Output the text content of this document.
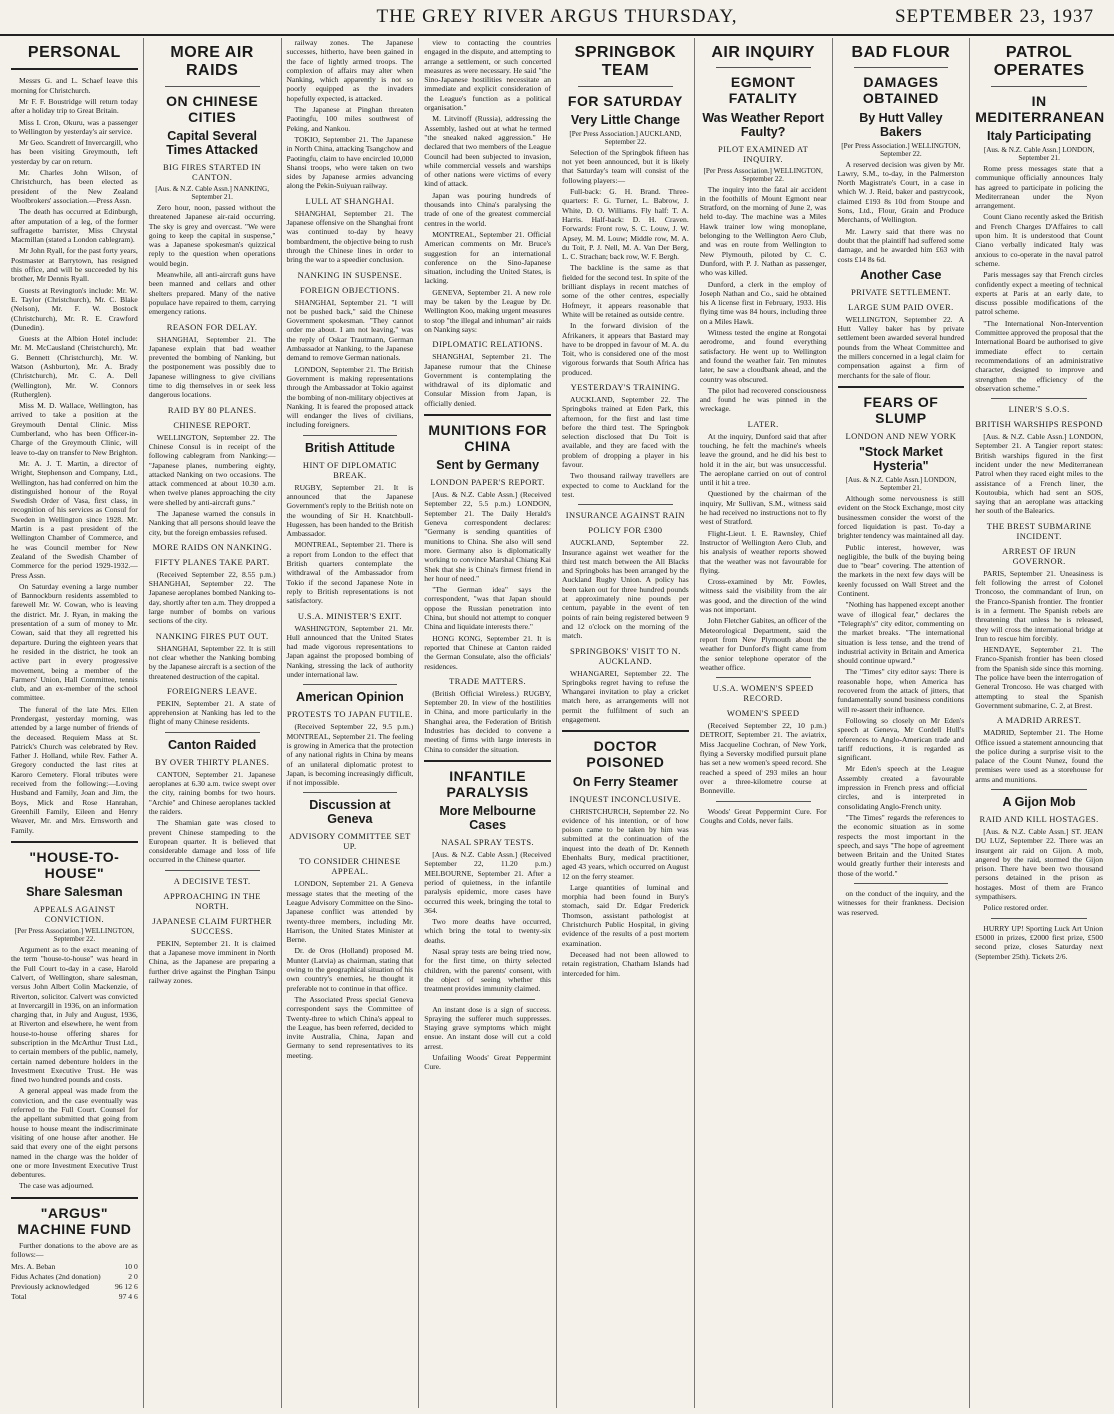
THE GREY RIVER ARGUS THURSDAY,	SEPTEMBER 23, 1937
PERSONAL

Messrs G. and L. Schaef leave this morning for Christchurch.

Mr F. F. Boustridge will return today after a holiday trip to Great Britain.

Miss I. Cron, Okuru, was a passenger to Wellington by yesterday's air service.

Mr Geo. Scandrett of Invercargill, who has been visiting Greymouth, left yesterday by car on return.

Mr. Charles John Wilson, of Christchurch, has been elected as president of the New Zealand Woolbrokers' association.—Press Assn.

The death has occurred at Edinburgh, after amputation of a leg, of the former suffragette barrister, Miss Chrystal Macmillan (stated a London cablegram).

Mr John Ryall, for the past forty years, Postmaster at Barrytown, has resigned this office, and will be succeeded by his brother, Mr Dennis Ryall.

Guests at Revington's include: Mr. W. E. Taylor (Christchurch), Mr. C. Blake (Nelson), Mr. F. W. Bostock (Christchurch), Mr. R. E. Crawford (Dunedin).

Guests at the Albion Hotel include: Mr. M. McCausland (Christchurch), Mr. G. Bennett (Christchurch), Mr. W. Watson (Ashburton), Mr. A. Brady (Christchurch), Mr. C. A. Dell (Wellington), Mr. W. Connors (Rutherglen).

Miss M. D. Wallace, Wellington, has arrived to take a position at the Greymouth Dental Clinic. Miss Cumberland, who has been Officer-in-Charge of the Greymouth Clinic, will leave to-day on transfer to New Brighton.

Mr. A. J. T. Martin, a director of Wright, Stephenson and Company, Ltd., Wellington, has had conferred on him the distinguished honour of the Royal Swedish Order of Vasa, first class, in recognition of his services as Consul for Sweden in Wellington since 1928. Mr. Martin is a past president of the Wellington Chamber of Commerce, and he was Council member for New Zealand of the Swedish Chamber of Commerce for the period 1929-1932.—Press Assn.

On Saturday evening a large number of Bannockburn residents assembled to farewell Mr. W. Cowan, who is leaving the district. Mr. J. Ryan, in making the presentation of a sum of money to Mr. Cowan, said that they all regretted his departure. During the eighteen years that he resided in the district, he took an active part in every progressive movement, being a member of the Farmers' Union, Hall Committee, tennis club, and an ex-member of the school committee.

The funeral of the late Mrs. Ellen Prendergast, yesterday morning, was attended by a large number of friends of the deceased. Requiem Mass at St. Patrick's Church was celebrated by Rev. Father J. Holland, while Rev. Father A. Gregory conducted the last rites at Karoro Cemetery. Floral tributes were received from the following:—Loving Husband and Family, Joan and Jim, the Boys, Mick and Rose Hanrahan, Greenhill Family, Eileen and Henry Weaver, Mr. and Mrs. Ernsworth and Family.

"HOUSE-TO-HOUSE"
Share Salesman
APPEALS AGAINST CONVICTION.
[Per Press Association.] WELLINGTON, September 22.

Argument as to the exact meaning of the term "house-to-house" was heard in the Full Court to-day in a case, Harold Calvert, of Wellington, share salesman, versus John Albert Colin Mackenzie, of Riverton, solicitor. Calvert was convicted at Invercargill in 1936, on an information charging that, in July and August, 1936, at Riverton and elsewhere, he went from house-to-house offering shares for subscription in the McArthur Trust Ltd., to certain members of the public, namely, certain named debenture holders in the Investment Executive Trust. He was fined two hundred pounds and costs.

A general appeal was made from the conviction, and the case eventually was referred to the Full Court. Counsel for the appellant submitted that going from house to house meant the indiscriminate visiting of one house after another. He said that every one of the eight persons named in the charge was the holder of one or more Investment Executive Trust debentures.

The case was adjourned.

"ARGUS" MACHINE FUND

Further donations to the above are as follows:—

Mrs. A. Beban	10 0
Fidus Achates (2nd donation)	2 0
Previously acknowledged	96 12 6
Total	97 4 6
MORE AIR RAIDS
ON CHINESE CITIES
Capital Several Times Attacked
BIG FIRES STARTED IN CANTON.
[Aus. & N.Z. Cable Assn.] NANKING, September 21.

Zero hour, noon, passed without the threatened Japanese air-raid occurring. The sky is grey and overcast. "We were going to keep the capital in suspense," was a Japanese spokesman's quizzical reply to the question when operations would begin.

Meanwhile, all anti-aircraft guns have been manned and cellars and other shelters prepared. Many of the native populace have repaired to them, carrying emergency rations.

REASON FOR DELAY.

SHANGHAI, September 21. The Japanese explain that bad weather prevented the bombing of Nanking, but the postponement was possibly due to Japanese willingness to give civilians time to dig themselves in or seek less dangerous locations.

RAID BY 80 PLANES.
CHINESE REPORT.

WELLINGTON, September 22. The Chinese Consul is in receipt of the following cablegram from Nanking:— "Japanese planes, numbering eighty, attacked Nanking on two occasions. The attack commenced at about 10.30 a.m. when twelve planes approaching the city were shelled by anti-aircraft guns."

The Japanese warned the consuls in Nanking that all persons should leave the city, but the foreign embassies refused.

MORE RAIDS ON NANKING.
FIFTY PLANES TAKE PART.

(Received September 22, 8.55 p.m.) SHANGHAI, September 22. The Japanese aeroplanes bombed Nanking to-day, shortly after ten a.m. They dropped a large number of bombs on various sections of the city.

NANKING FIRES PUT OUT.

SHANGHAI, September 22. It is still not clear whether the Nanking bombing by the Japanese aircraft is a section of the threatened destruction of the capital.

FOREIGNERS LEAVE.

PEKIN, September 21. A state of apprehension at Nanking has led to the flight of many Chinese residents.

Canton Raided
BY OVER THIRTY PLANES.

CANTON, September 21. Japanese aeroplanes at 6.30 a.m. twice swept over the city, raining bombs for two hours. "Archie" and Chinese aeroplanes tackled the raiders.

The Shamian gate was closed to prevent Chinese stampeding to the European quarter. It is believed that considerable damage and loss of life occurred in the Chinese quarter.

A DECISIVE TEST.
APPROACHING IN THE NORTH.
JAPANESE CLAIM FURTHER SUCCESS.

PEKIN, September 21. It is claimed that a Japanese move imminent in North China, as the Japanese are preparing a further drive against the Pinghan Tsinpu railway zones.

railway zones. The Japanese successes, hitherto, have been gained in the face of lightly armed troops. The complexion of affairs may alter when Nanking, which apparently is not so poorly equipped as the invaders hopefully expected, is attacked.

The Japanese at Pinghan threaten Paotingfu, 100 miles southwest of Peking, and Nankou.

TOKIO, September 21. The Japanese in North China, attacking Tsangchow and Paotingfu, claim to have encircled 10,000 Shansi troops, who were taken on two sides by Japanese armies advancing along the Pekin-Suiyuan railway.

LULL AT SHANGHAI.

SHANGHAI, September 21. The Japanese offensive on the Shanghai front was continued to-day by heavy bombardment, the objective being to rush through the Chinese lines in order to bring the war to a speedier conclusion.

NANKING IN SUSPENSE.
FOREIGN OBJECTIONS.

SHANGHAI, September 21. "I will not be pushed back," said the Chinese Government spokesman. "They cannot order me about. I am not leaving," was the reply of Oskar Trautmann, German Ambassador at Nanking, to the Japanese demand to remove German nationals.

LONDON, September 21. The British Government is making representations through the Ambassador at Tokio against the bombing of non-military objectives at Nanking. It is feared the proposed attack will endanger the lives of civilians, including foreigners.

British Attitude
HINT OF DIPLOMATIC BREAK.

RUGBY, September 21. It is announced that the Japanese Government's reply to the British note on the wounding of Sir H. Knatchbull-Hugessen, has been handed to the British Ambassador.

MONTREAL, September 21. There is a report from London to the effect that British quarters contemplate the withdrawal of the Ambassador from Tokio if the second Japanese Note in reply to British representations is not satisfactory.

U.S.A. MINISTER'S EXIT.

WASHINGTON, September 21. Mr. Hull announced that the United States had made vigorous representations to Japan against the proposed bombing of Nanking, stressing the lack of authority under international law.

American Opinion
PROTESTS TO JAPAN FUTILE.

(Received September 22, 9.5 p.m.) MONTREAL, September 21. The feeling is growing in America that the protection of any national rights in China by means of an unilateral diplomatic protest to Japan, is becoming increasingly difficult, if not impossible.

Discussion at Geneva
ADVISORY COMMITTEE SET UP.
TO CONSIDER CHINESE APPEAL.

LONDON, September 21. A Geneva message states that the meeting of the League Advisory Committee on the Sino-Japanese conflict was attended by twenty-three members, including Mr. Harrison, the United States Minister at Berne.

Dr. de Oros (Holland) proposed M. Munter (Latvia) as chairman, stating that owing to the geographical situation of his own country's enemies, he thought it preferable not to continue in that office.

The Associated Press special Geneva correspondent says the Committee of Twenty-three to which China's appeal to the League, has been referred, decided to invite Australia, China, Japan and Germany to send representatives to its meeting.

view to contacting the countries engaged in the dispute, and attempting to arrange a settlement, or such concerted measures as were necessary. He said "the Sino-Japanese hostilities necessitate an immediate and explicit consideration of the League's function as a political organisation."

M. Litvinoff (Russia), addressing the Assembly, lashed out at what he termed "the sneaked naked aggression." He declared that two members of the League Council had been subjected to invasion, while commercial vessels and warships of other nations were victims of every kind of attack.

Japan was pouring hundreds of thousands into China's paralysing the trade of one of the greatest commercial centres in the world.

MONTREAL, September 21. Official American comments on Mr. Bruce's suggestion for an international conference on the Sino-Japanese situation, including the United States, is lacking.

GENEVA, September 21. A new role may be taken by the League by Dr. Wellington Koo, making urgent measures to stop "the illegal and inhuman" air raids on Nanking says:

DIPLOMATIC RELATIONS.

SHANGHAI, September 21. The Japanese rumour that the Chinese Government is contemplating the withdrawal of its diplomatic and Consular Mission from Japan, is officially denied.

MUNITIONS FOR CHINA
Sent by Germany
LONDON PAPER'S REPORT.

[Aus. & N.Z. Cable Assn.] (Received September 22, 5.5 p.m.) LONDON, September 21. The Daily Herald's Geneva correspondent declares: "Germany is sending quantities of munitions to China. She also will send more. Germany also is diplomatically working to convince Marshal Chiang Kai Shek that she is China's firmest friend in her hour of need."

"The German idea" says the correspondent, "was that Japan should oppose the Russian penetration into China, but should not attempt to conquer China and liquidate interests there."

HONG KONG, September 21. It is reported that Chinese at Canton raided the German Consulate, also the officials' residences.

TRADE MATTERS.

(British Official Wireless.) RUGBY, September 20. In view of the hostilities in China, and more particularly in the Shanghai area, the Federation of British Industries has decided to convene a meeting of firms with large interests in China to consider the situation.

INFANTILE PARALYSIS
More Melbourne Cases
NASAL SPRAY TESTS.

[Aus. & N.Z. Cable Assn.] (Received September 22, 11.20 p.m.) MELBOURNE, September 21. After a period of quietness, in the infantile paralysis epidemic, more cases have occurred this week, bringing the total to 364.

Two more deaths have occurred, which bring the total to twenty-six deaths.

Nasal spray tests are being tried now, for the first time, on thirty selected children, with the parents' consent, with the object of seeing whether this treatment provides immunity claimed.

An instant dose is a sign of success. Spraying the sufferer much suppresses. Staying grave symptoms which might ensue. An instant dose will cut a cold arrest.

Unfailing Woods' Great Peppermint Cure.

SPRINGBOK TEAM
FOR SATURDAY
Very Little Change
[Per Press Association.] AUCKLAND, September 22.

Selection of the Springbok fifteen has not yet been announced, but it is likely that Saturday's team will consist of the following players:—

Full-back: G. H. Brand. Three-quarters: F. G. Turner, L. Babrow, J. White, D. O. Williams. Fly half: T. A. Harris. Half-back: D. H. Craven. Forwards: Front row, S. C. Louw, J. W. Apsey, M. M. Louw; Middle row, M. A. du Toit, P. J. Nell, M. A. Van Der Berg, L. C. Strachan; back row, W. F. Bergh.

The backline is the same as that fielded for the second test. In spite of the brilliant displays in recent matches of some of the other centres, especially Hofmeyr, it appears reasonable that White will be retained as outside centre.

In the forward division of the Afrikaners, it appears that Bastard may have to be dropped in favour of M. A. du Toit, who is considered one of the most vigorous forwards that South Africa has produced.

YESTERDAY'S TRAINING.

AUCKLAND, September 22. The Springboks trained at Eden Park, this afternoon, for the first and last time before the third test. The Springbok selection disclosed that Du Toit is available, and they are faced with the problem of dropping a player in his favour.

Two thousand railway travellers are expected to come to Auckland for the test.

INSURANCE AGAINST RAIN
POLICY FOR £300

AUCKLAND, September 22. Insurance against wet weather for the third test match between the All Blacks and Springboks has been arranged by the Auckland Rugby Union. A policy has been taken out for three hundred pounds at approximately nine pounds per centum, payable in the event of ten points of rain being registered between 9 and 12 o'clock on the morning of the match.

SPRINGBOKS' VISIT TO N. AUCKLAND.

WHANGAREI, September 22. The Springboks regret having to refuse the Whangarei invitation to play a cricket match here, as arrangements will not permit the fulfilment of such an engagement.

DOCTOR POISONED
On Ferry Steamer
INQUEST INCONCLUSIVE.

CHRISTCHURCH, September 22. No evidence of his intention, or of how poison came to be taken by him was submitted at the continuation of the inquest into the death of Dr. Kenneth Ebenhalts Bury, medical practitioner, aged 43 years, which occurred on August 12 on the ferry steamer.

Large quantities of luminal and morphia had been found in Bury's stomach, said Dr. Edgar Frederick Thomson, assistant pathologist at Christchurch Public Hospital, in giving evidence of the results of a post mortem examination.

Deceased had not been allowed to retain registration, Chatham Islands had interceded for him.

AIR INQUIRY
EGMONT FATALITY
Was Weather Report Faulty?
PILOT EXAMINED AT INQUIRY.
[Per Press Association.] WELLINGTON, September 22.

The inquiry into the fatal air accident in the foothills of Mount Egmont near Stratford, on the morning of June 2, was held to-day. The machine was a Miles Hawk trainer low wing monoplane, belonging to the Wellington Aero Club, and was en route from Wellington to New Plymouth, piloted by C. C. Dunford, with P. J. Nathan as passenger, who was killed.

Dunford, a clerk in the employ of Joseph Nathan and Co., said he obtained his A license first in February, 1933. His flying time was 84 hours, including three on a Miles Hawk.

Witness tested the engine at Rongotai aerodrome, and found everything satisfactory. He went up to Wellington and found the weather fair. Ten minutes later, he saw a cloudbank ahead, and the country was obscured.

The pilot had recovered consciousness and found he was pinned in the wreckage.

LATER.

At the inquiry, Dunford said that after touching, he felt the machine's wheels leave the ground, and he did his best to hold it in the air, but was unsuccessful. The aeroplane carried on out of control until it hit a tree.

Questioned by the chairman of the inquiry, Mr Sullivan, S.M., witness said he had received no instructions not to fly west of Stratford.

Flight-Lieut. I. E. Rawnsley, Chief Instructor of Wellington Aero Club, and his analysis of weather reports showed that the weather was not favourable for flying.

Cross-examined by Mr. Fowles, witness said the visibility from the air was good, and the direction of the wind was not important.

John Fletcher Gabites, an officer of the Meteorological Department, said the report from New Plymouth about the weather for Dunford's flight came from the senior telephone operator of the weather office.

U.S.A. WOMEN'S SPEED RECORD.
WOMEN'S SPEED

(Received September 22, 10 p.m.) DETROIT, September 21. The aviatrix, Miss Jacqueline Cochran, of New York, flying a Seversky modified pursuit plane has set a new women's speed record. She reached a speed of 293 miles an hour over a three-kilometre course at Bonneville.

Woods' Great Peppermint Cure. For Coughs and Colds, never fails.

BAD FLOUR
DAMAGES OBTAINED
By Hutt Valley Bakers
[Per Press Association.] WELLINGTON, September 22.

A reserved decision was given by Mr. Lawry, S.M., to-day, in the Palmerston North Magistrate's Court, in a case in which W. J. Reid, baker and pastrycook, claimed £193 8s 10d from Stoupe and Sons, Ltd., Flour, Grain and Produce Merchants, of Wellington.

Mr. Lawry said that there was no doubt that the plaintiff had suffered some damage, and he awarded him £63 with costs £14 8s 6d.

Another Case
PRIVATE SETTLEMENT.
LARGE SUM PAID OVER.

WELLINGTON, September 22. A Hutt Valley baker has by private settlement been awarded several hundred pounds from the Wheat Committee and the millers concerned in a legal claim for compensation against a firm of merchants for the sale of flour.

FEARS OF SLUMP
LONDON AND NEW YORK
"Stock Market Hysteria"
[Aus. & N.Z. Cable Assn.] LONDON, September 21.

Although some nervousness is still evident on the Stock Exchange, most city businessmen consider the worst of the forced liquidation is past. To-day a brighter tendency was maintained all day.

Public interest, however, was negligible, the bulk of the buying being due to "bear" covering. The attention of the markets in the next few days will be keenly focussed on Wall Street and the Continent.

"Nothing has happened except another wave of illogical fear," declares the "Telegraph's" city editor, commenting on the market breaks. "The international situation is less tense, and the trend of industrial activity in Britain and America should continue upward."

The "Times" city editor says: There is reasonable hope, when America has recovered from the attack of jitters, that fundamentally sound business conditions will re-assert their influence.

Following so closely on Mr Eden's speech at Geneva, Mr Cordell Hull's references to Anglo-American trade and tariff reductions, it is regarded as significant.

Mr Eden's speech at the League Assembly created a favourable impression in French press and official circles, and is interpreted in consolidating Anglo-French unity.

"The Times" regards the references to the economic situation as in some respects the most important in the speech, and says "The hope of agreement between Britain and the United States would greatly further their interests and those of the world."

on the conduct of the inquiry, and the witnesses for their frankness. Decision was reserved.

PATROL OPERATES
IN MEDITERRANEAN
Italy Participating
[Aus. & N.Z. Cable Assn.] LONDON, September 21.

Rome press messages state that a communique officially announces Italy has agreed to participate in policing the Mediterranean under the Nyon arrangement.

Count Ciano recently asked the British and French Charges D'Affaires to call upon him. It is understood that Count Ciano verbally indicated Italy was anxious to co-operate in the naval patrol scheme.

Paris messages say that French circles confidently expect a meeting of technical experts at Paris at an early date, to discuss possible modifications of the patrol scheme.

"The International Non-Intervention Committee approved the proposal that the International Board be authorised to give immediate effect to certain recommendations of an administrative character, designed to improve and strengthen the efficiency of the observation scheme."

LINER'S S.O.S.
BRITISH WARSHIPS RESPOND

[Aus. & N.Z. Cable Assn.] LONDON, September 21. A Tangier report states: British warships figured in the first incident under the new Mediterranean Patrol when they raced eight miles to the assistance of a French liner, the Koutoubia, which had sent an SOS, saying that an aeroplane was attacking her south of the Balearics.

THE BREST SUBMARINE INCIDENT.
ARREST OF IRUN GOVERNOR.

PARIS, September 21. Uneasiness is felt following the arrest of Colonel Troncoso, the commandant of Irun, on the Franco-Spanish frontier. The frontier is in a ferment. The Spanish rebels are threatening that unless he is released, they will cross the international bridge at Irun to rescue him forcibly.

HENDAYE, September 21. The Franco-Spanish frontier has been closed from the Spanish side since this morning. The police have been the interrogation of General Troncoso. He was charged with attempting to steal the Spanish Government submarine, C. 2, at Brest.

A MADRID ARREST.

MADRID, September 21. The Home Office issued a statement announcing that the police during a surprise visit to the palace of the Count Nunez, found the premises were used as a storehouse for arms and munitions.

A Gijon Mob
RAID AND KILL HOSTAGES.

[Aus. & N.Z. Cable Assn.] ST. JEAN DU LUZ, September 22. There was an insurgent air raid on Gijon. A mob, angered by the raid, stormed the Gijon prison. There have been two thousand persons detained in the prison as hostages. Most of them are Franco sympathisers.

Police restored order.

HURRY UP! Sporting Luck Art Union £5000 in prizes, £2000 first prize, £500 second prize, closes Saturday next (September 25th). Tickets 2/6.
